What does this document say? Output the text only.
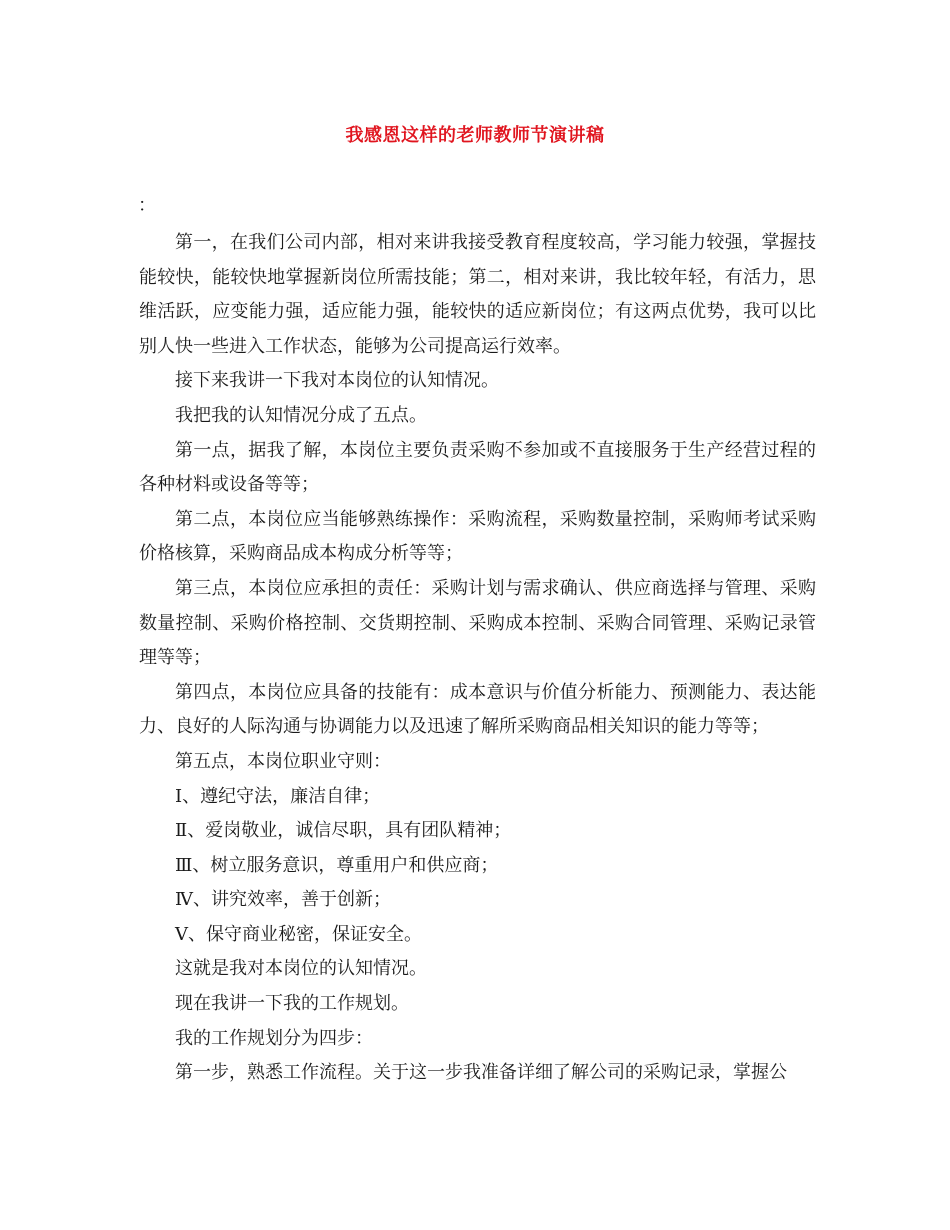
我感恩这样的老师教师节演讲稿
：

第一，在我们公司内部，相对来讲我接受教育程度较高，学习能力较强，掌握技能较快，能较快地掌握新岗位所需技能；第二，相对来讲，我比较年轻，有活力，思维活跃，应变能力强，适应能力强，能较快的适应新岗位；有这两点优势，我可以比别人快一些进入工作状态，能够为公司提高运行效率。

接下来我讲一下我对本岗位的认知情况。

我把我的认知情况分成了五点。

第一点，据我了解，本岗位主要负责采购不参加或不直接服务于生产经营过程的各种材料或设备等等；

第二点，本岗位应当能够熟练操作：采购流程，采购数量控制，采购师考试采购价格核算，采购商品成本构成分析等等；

第三点，本岗位应承担的责任：采购计划与需求确认、供应商选择与管理、采购数量控制、采购价格控制、交货期控制、采购成本控制、采购合同管理、采购记录管理等等；

第四点，本岗位应具备的技能有：成本意识与价值分析能力、预测能力、表达能力、良好的人际沟通与协调能力以及迅速了解所采购商品相关知识的能力等等；

第五点，本岗位职业守则：

Ⅰ、遵纪守法，廉洁自律；

Ⅱ、爱岗敬业，诚信尽职，具有团队精神；

Ⅲ、树立服务意识，尊重用户和供应商；

Ⅳ、讲究效率，善于创新；

Ⅴ、保守商业秘密，保证安全。

这就是我对本岗位的认知情况。

现在我讲一下我的工作规划。

我的工作规划分为四步：

第一步，熟悉工作流程。关于这一步我准备详细了解公司的采购记录，掌握公
